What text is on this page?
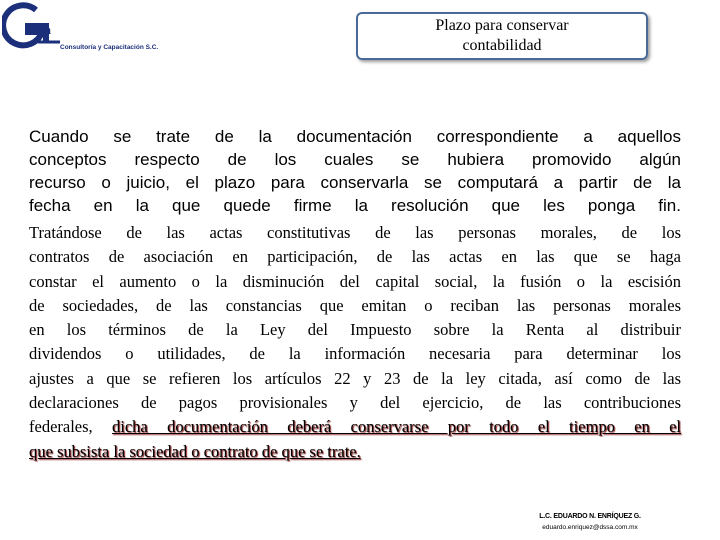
va
Consultoría y Capacitación S.C.
Plazo para conservar
contabilidad
Cuando se trate de la documentación correspondiente a aquellos
conceptos respecto de los cuales se hubiera promovido algún
recurso o juicio, el plazo para conservarla se computará a partir de la
fecha en la que quede firme la resolución que les ponga fin.
Tratándose de las actas constitutivas de las personas morales, de los
contratos de asociación en participación, de las actas en las que se haga
constar el aumento o la disminución del capital social, la fusión o la escisión
de sociedades, de las constancias que emitan o reciban las personas morales
en los términos de la Ley del Impuesto sobre la Renta al distribuir
dividendos o utilidades, de la información necesaria para determinar los
ajustes a que se refieren los artículos 22 y 23 de la ley citada, así como de las
declaraciones de pagos provisionales y del ejercicio, de las contribuciones
federales, dicha documentación deberá conservarse por todo el tiempo en el
que subsista la sociedad o contrato de que se trate.
L.C. EDUARDO N. ENRÍQUEZ G.
eduardo.enriquez@dssa.com.mx
